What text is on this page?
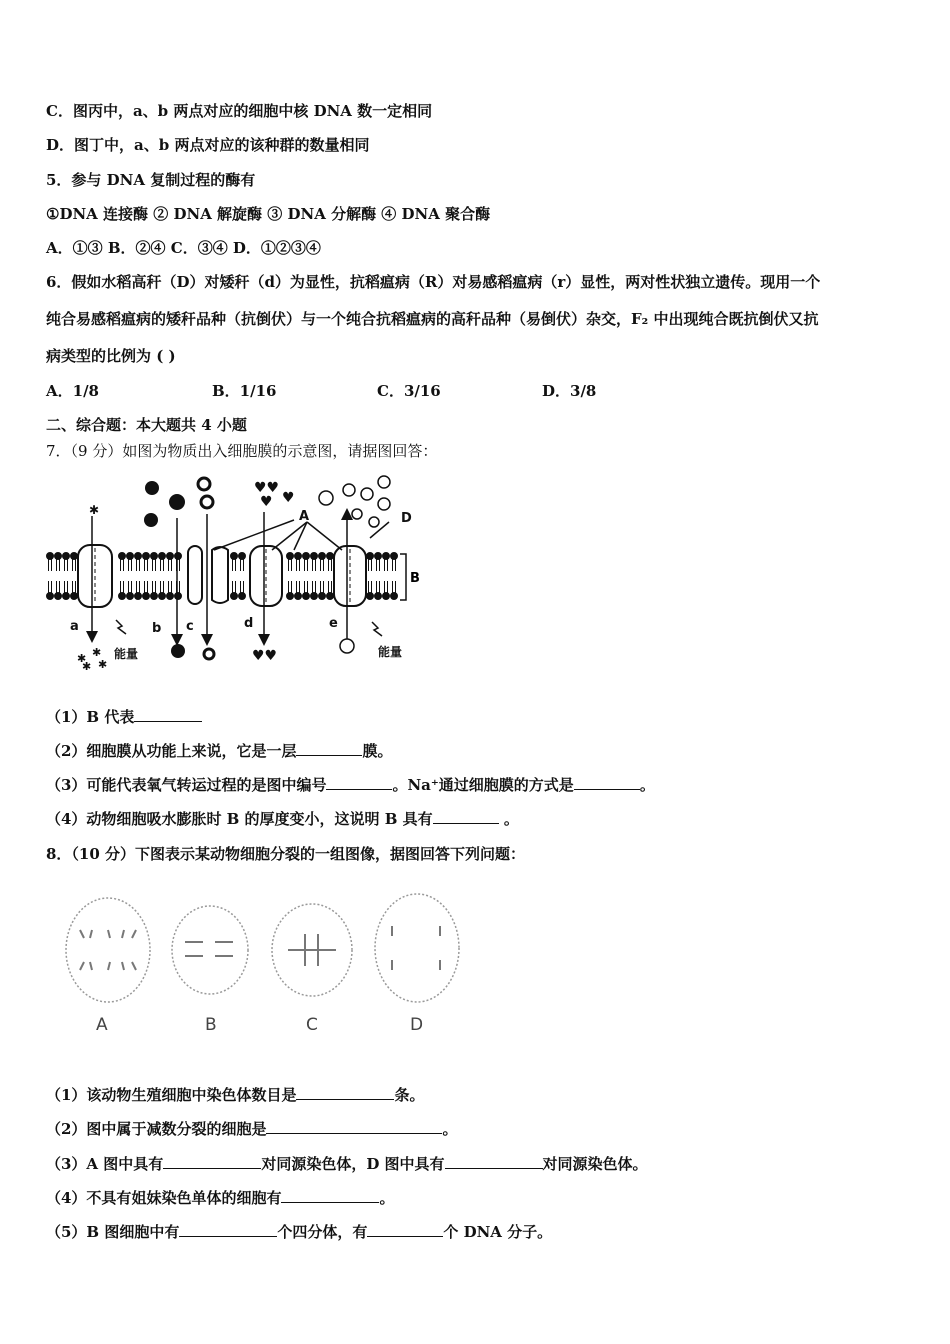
C．图丙中，a、b 两点对应的细胞中核 DNA 数一定相同
D．图丁中，a、b 两点对应的该种群的数量相同
5．参与 DNA 复制过程的酶有
①DNA 连接酶 ② DNA 解旋酶 ③ DNA 分解酶 ④ DNA 聚合酶
A．①③ B．②④ C．③④ D．①②③④
6．假如水稻高秆（D）对矮秆（d）为显性，抗稻瘟病（R）对易感稻瘟病（r）显性，两对性状独立遗传。现用一个
纯合易感稻瘟病的矮秆品种（抗倒伏）与一个纯合抗稻瘟病的高秆品种（易倒伏）杂交，F₂ 中出现纯合既抗倒伏又抗
病类型的比例为 ( )
A．1/8	B．1/16	C．3/16	D．3/8
二、综合题：本大题共 4 小题
7．（9 分）如图为物质出入细胞膜的示意图，请据图回答：
B
♥♥
♥ ♥
✱
✱ ✱
✱ ✱
♥♥
A	D
a	b c	d	e
能量	能量
（1）B 代表
（2）细胞膜从功能上来说，它是一层	膜。
（3）可能代表氧气转运过程的是图中编号	。Na⁺通过细胞膜的方式是	。
（4）动物细胞吸水膨胀时 B 的厚度变小，这说明 B 具有	。
8．（10 分）下图表示某动物细胞分裂的一组图像，据图回答下列问题：
A	B	C	D
（1）该动物生殖细胞中染色体数目是	条。
（2）图中属于减数分裂的细胞是	。
（3）A 图中具有	对同源染色体，D 图中具有	对同源染色体。
（4）不具有姐妹染色单体的细胞有	。
（5）B 图细胞中有	个四分体，有	个 DNA 分子。
